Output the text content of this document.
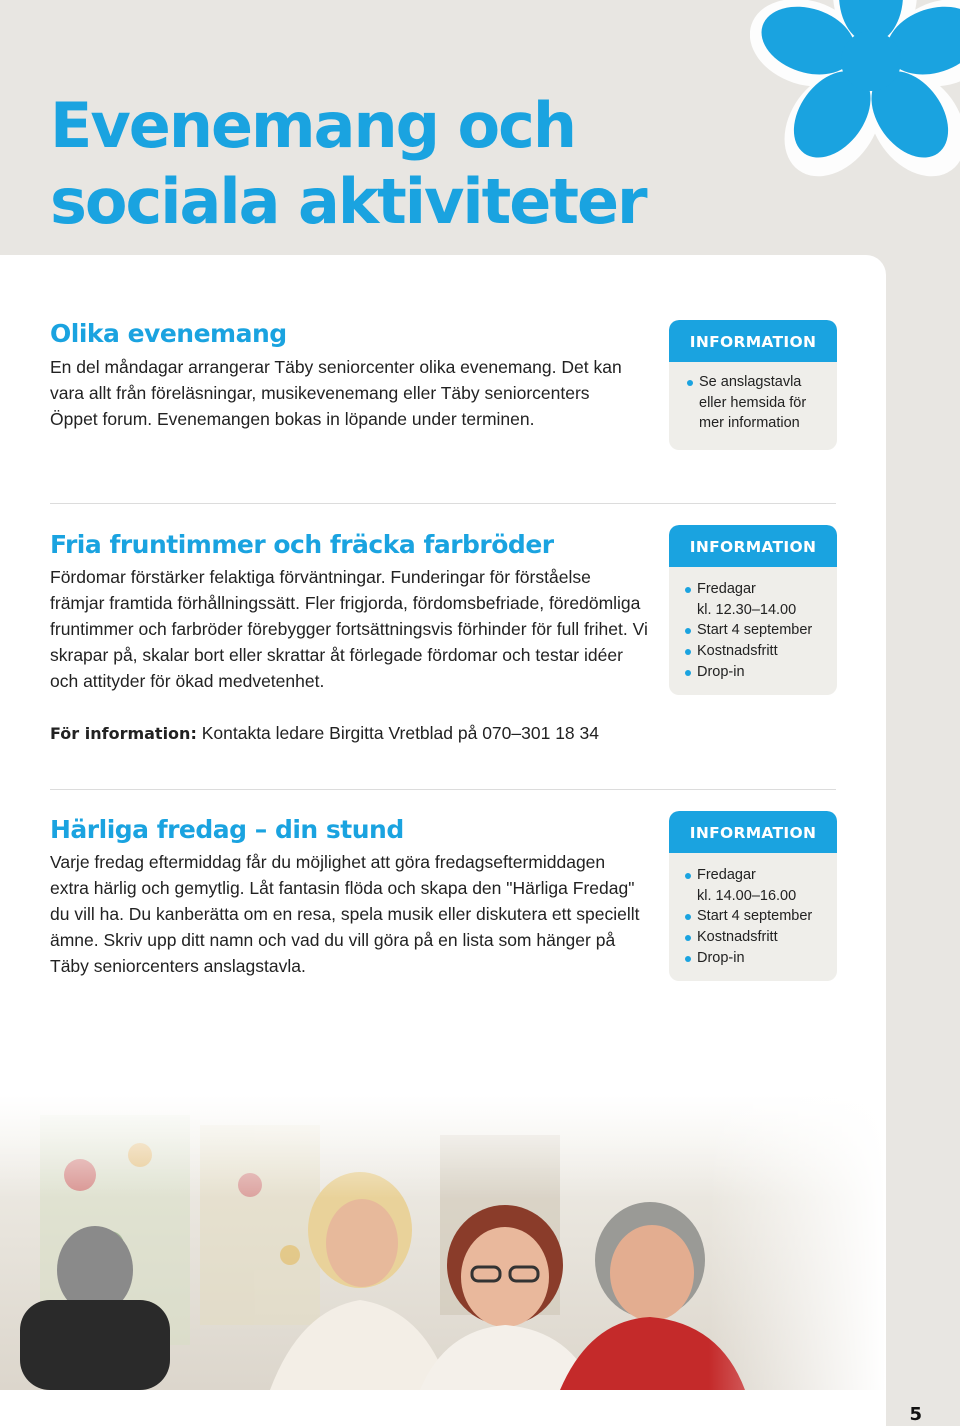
Evenemang och
sociala aktiviteter
Olika evenemang

En del måndagar arrangerar Täby seniorcenter olika evenemang. Det kan vara allt från föreläsningar, musikevenemang eller Täby seniorcenters Öppet forum. Evenemangen bokas in löpande under terminen.

INFORMATION
Se anslagstavla
eller hemsida för
mer information
Fria fruntimmer och fräcka farbröder

Fördomar förstärker felaktiga förväntningar. Funderingar för förståelse främjar framtida förhållningssätt. Fler frigjorda, fördomsbefriade, föredömliga fruntimmer och farbröder förebygger fortsättningsvis förhinder för full frihet. Vi skrapar på, skalar bort eller skrattar åt förlegade fördomar och testar idéer och attityder för ökad medvetenhet.

INFORMATION
Fredagar
kl. 12.30–14.00
Start 4 september
Kostnadsfritt
Drop-in

För information: Kontakta ledare Birgitta Vretblad på 070–301 18 34

Härliga fredag – din stund

Varje fredag eftermiddag får du möjlighet att göra fredagseftermiddagen extra härlig och gemytlig. Låt fantasin flöda och skapa den "Härliga Fredag" du vill ha. Du kanberätta om en resa, spela musik eller diskutera ett speciellt ämne. Skriv upp ditt namn och vad du vill göra på en lista som hänger på Täby seniorcenters anslagstavla.

INFORMATION
Fredagar
kl. 14.00–16.00
Start 4 september
Kostnadsfritt
Drop-in

5
